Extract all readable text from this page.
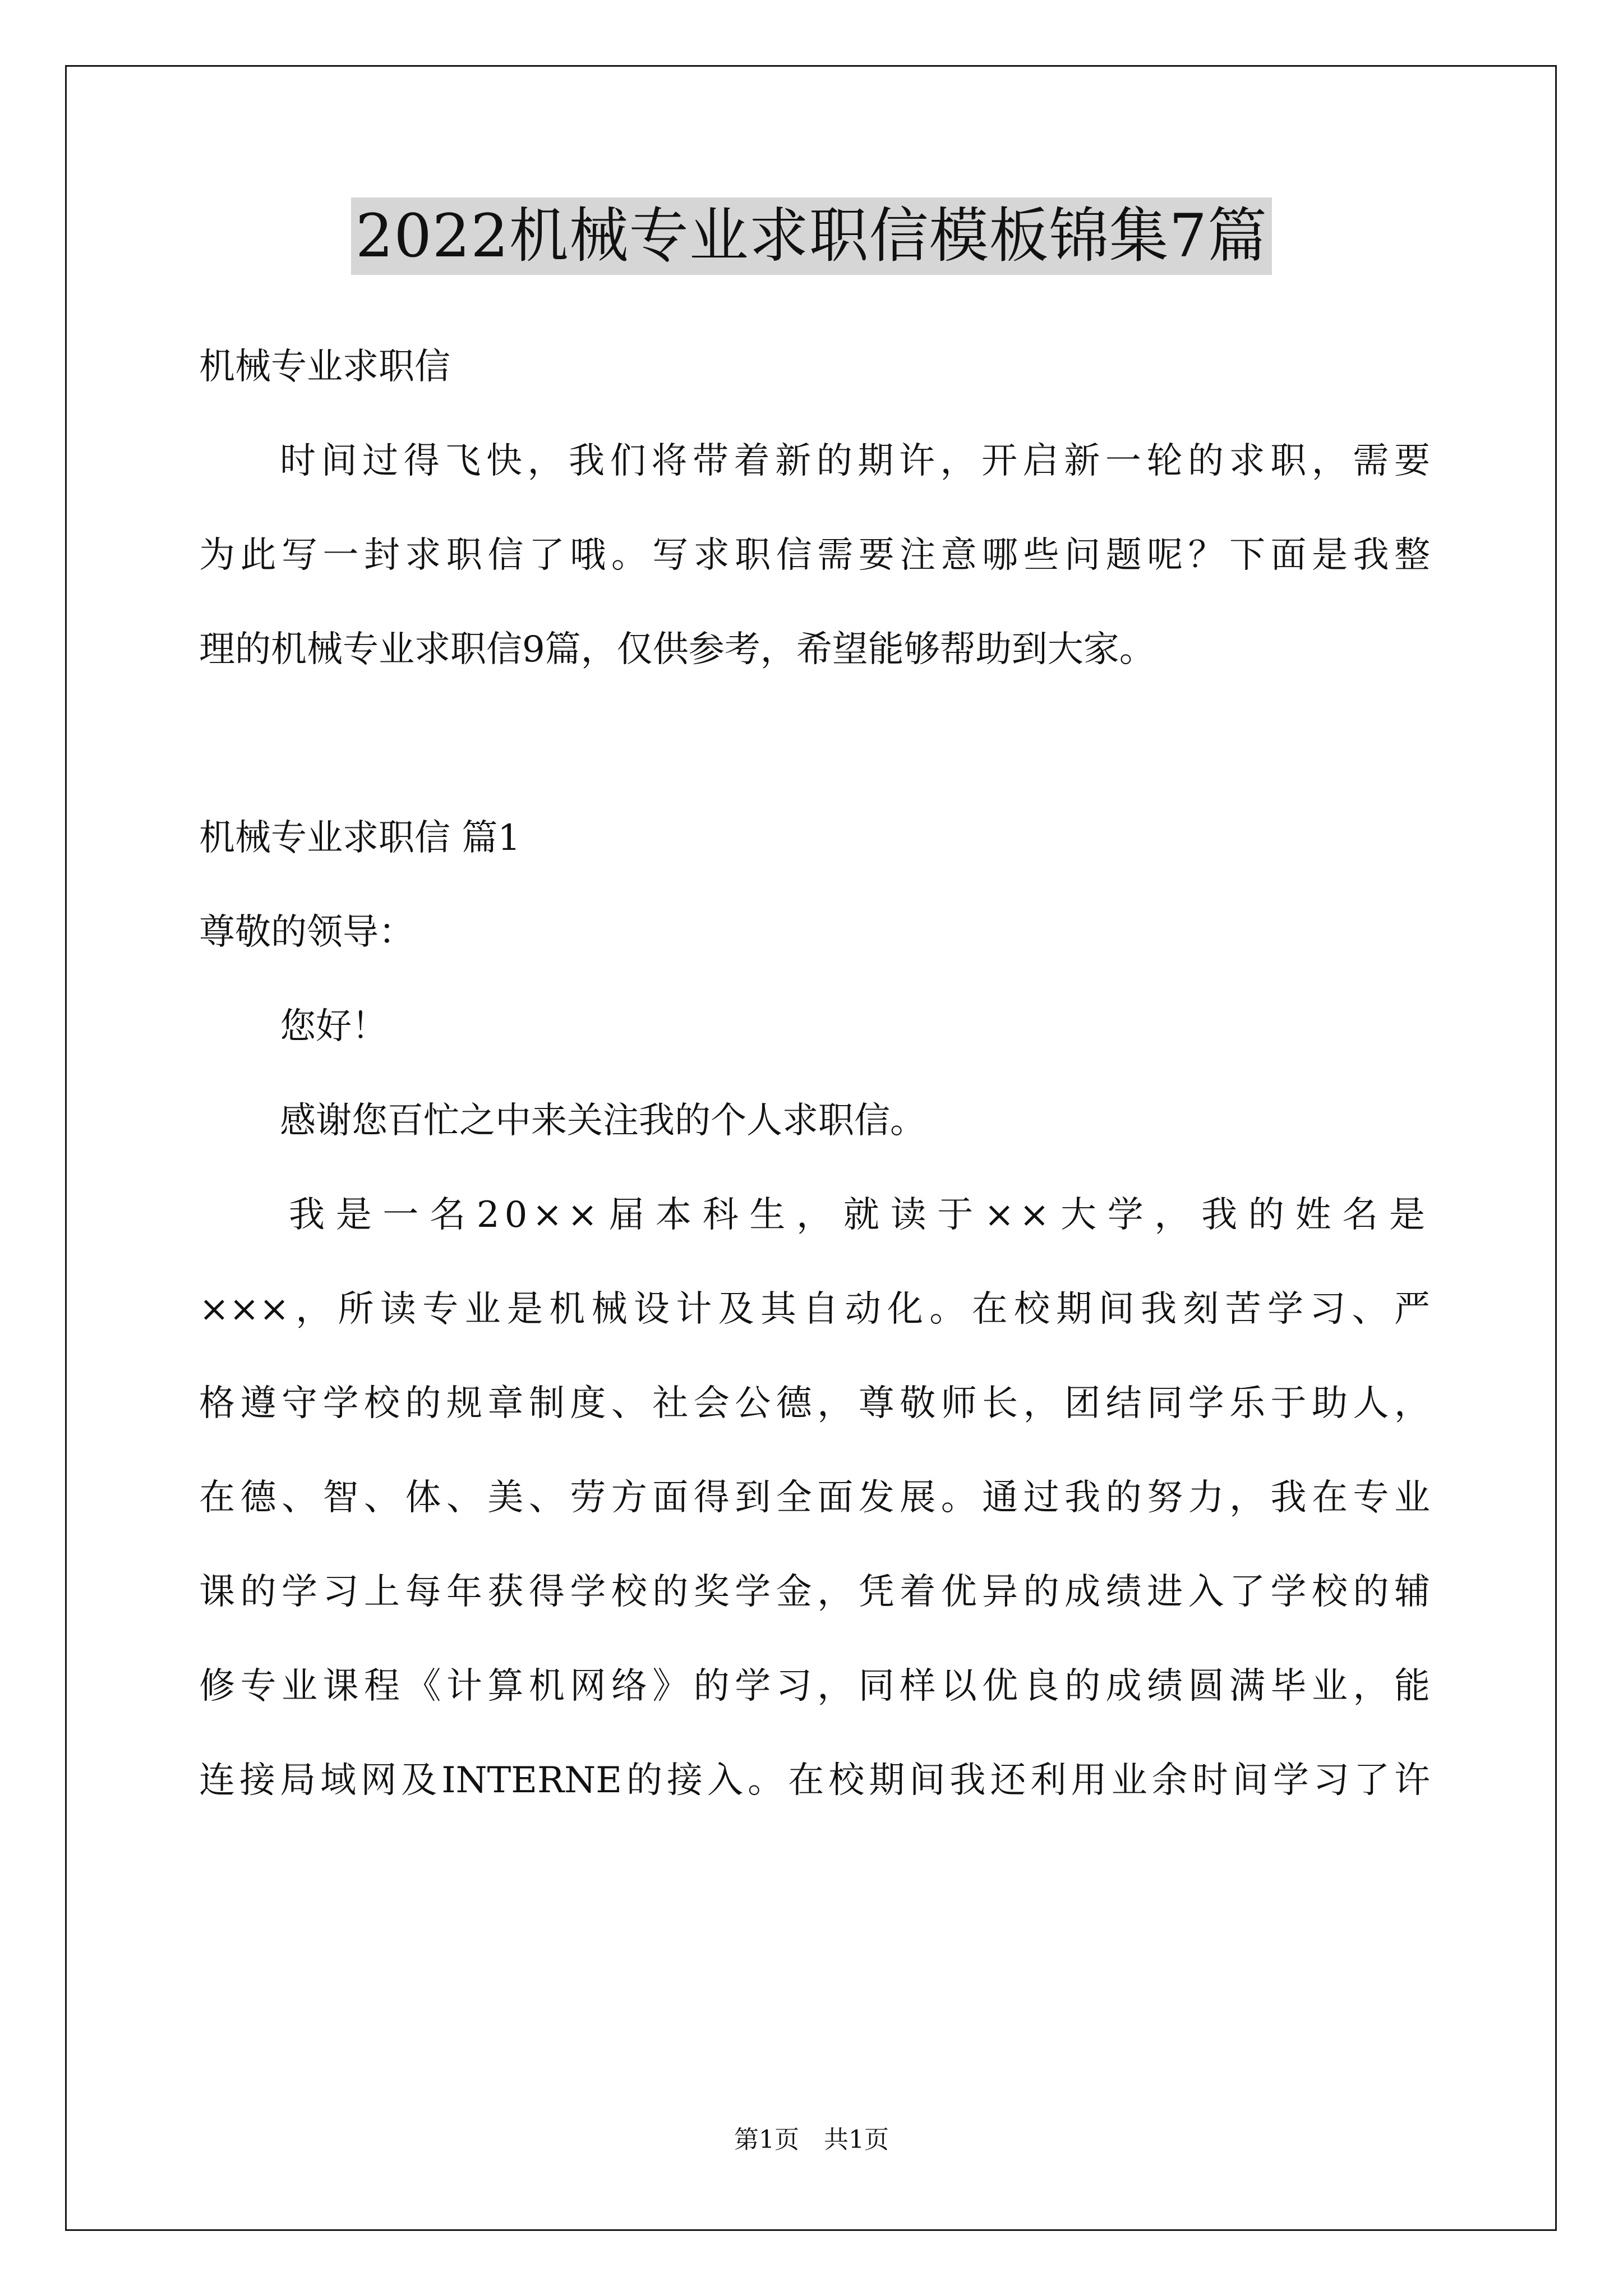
2022机械专业求职信模板锦集7篇
机械专业求职信
时间过得飞快，我们将带着新的期许，开启新一轮的求职，需要
为此写一封求职信了哦。写求职信需要注意哪些问题呢？下面是我整
理的机械专业求职信9篇，仅供参考，希望能够帮助到大家。
机械专业求职信 篇1
尊敬的领导：
您好！
感谢您百忙之中来关注我的个人求职信。
我是一名20××届本科生，就读于××大学，我的姓名是
×××，所读专业是机械设计及其自动化。在校期间我刻苦学习、严
格遵守学校的规章制度、社会公德，尊敬师长，团结同学乐于助人，
在德、智、体、美、劳方面得到全面发展。通过我的努力，我在专业
课的学习上每年获得学校的奖学金，凭着优异的成绩进入了学校的辅
修专业课程《计算机网络》的学习，同样以优良的成绩圆满毕业，能
连接局域网及INTERNE的接入。在校期间我还利用业余时间学习了许
第1页　共1页
